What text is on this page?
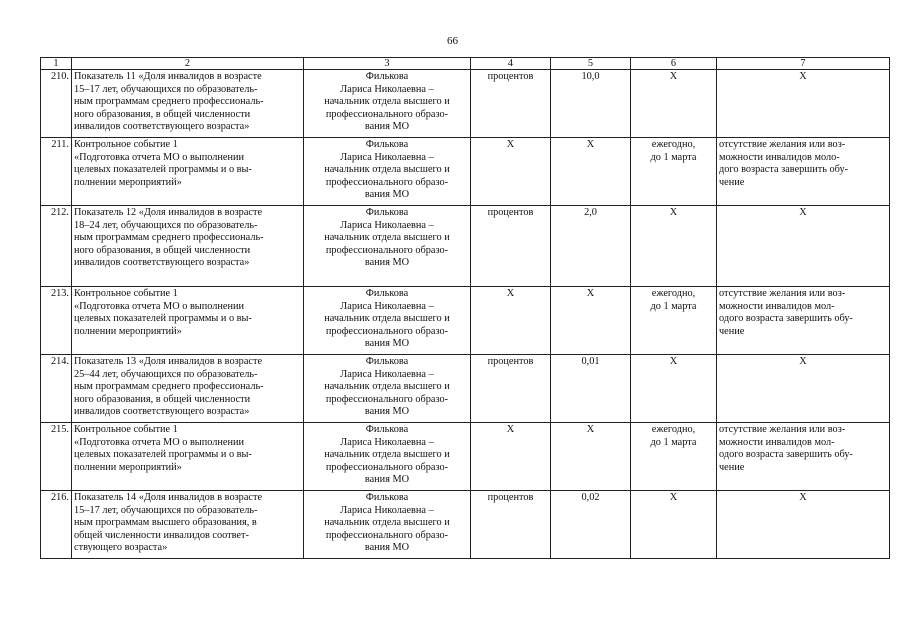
66
1	2	3	4	5	6	7
210.	Показатель 11 «Доля инвалидов в возрасте
15–17 лет, обучающихся по образователь-
ным программам среднего профессиональ-
ного образования, в общей численности
инвалидов соответствующего возраста»	Филькова
Лариса Николаевна –
начальник отдела высшего и
профессионального образо-
вания МО	процентов	10,0	Х	Х

211.	Контрольное событие 1
«Подготовка отчета МО о выполнении
целевых показателей программы и о вы-
полнении мероприятий»	Филькова
Лариса Николаевна –
начальник отдела высшего и
профессионального образо-
вания МО	Х	Х	ежегодно,
до 1 марта	отсутствие желания или воз-
можности инвалидов моло-
дого возраста завершить обу-
чение

212.	Показатель 12 «Доля инвалидов в возрасте
18–24 лет, обучающихся по образователь-
ным программам среднего профессиональ-
ного образования, в общей численности
инвалидов соответствующего возраста»	Филькова
Лариса Николаевна –
начальник отдела высшего и
профессионального образо-
вания МО	процентов	2,0	Х	Х

213.	Контрольное событие 1
«Подготовка отчета МО о выполнении
целевых показателей программы и о вы-
полнении мероприятий»	Филькова
Лариса Николаевна –
начальник отдела высшего и
профессионального образо-
вания МО	Х	Х	ежегодно,
до 1 марта	отсутствие желания или воз-
можности инвалидов мол-
одого возраста завершить обу-
чение

214.	Показатель 13 «Доля инвалидов в возрасте
25–44 лет, обучающихся по образователь-
ным программам среднего профессиональ-
ного образования, в общей численности
инвалидов соответствующего возраста»	Филькова
Лариса Николаевна –
начальник отдела высшего и
профессионального образо-
вания МО	процентов	0,01	Х	Х

215.	Контрольное событие 1
«Подготовка отчета МО о выполнении
целевых показателей программы и о вы-
полнении мероприятий»	Филькова
Лариса Николаевна –
начальник отдела высшего и
профессионального образо-
вания МО	Х	Х	ежегодно,
до 1 марта	отсутствие желания или воз-
можности инвалидов мол-
одого возраста завершить обу-
чение

216.	Показатель 14 «Доля инвалидов в возрасте
15–17 лет, обучающихся по образователь-
ным программам высшего образования, в
общей численности инвалидов соответ-
ствующего возраста»	Филькова
Лариса Николаевна –
начальник отдела высшего и
профессионального образо-
вания МО	процентов	0,02	Х	Х
